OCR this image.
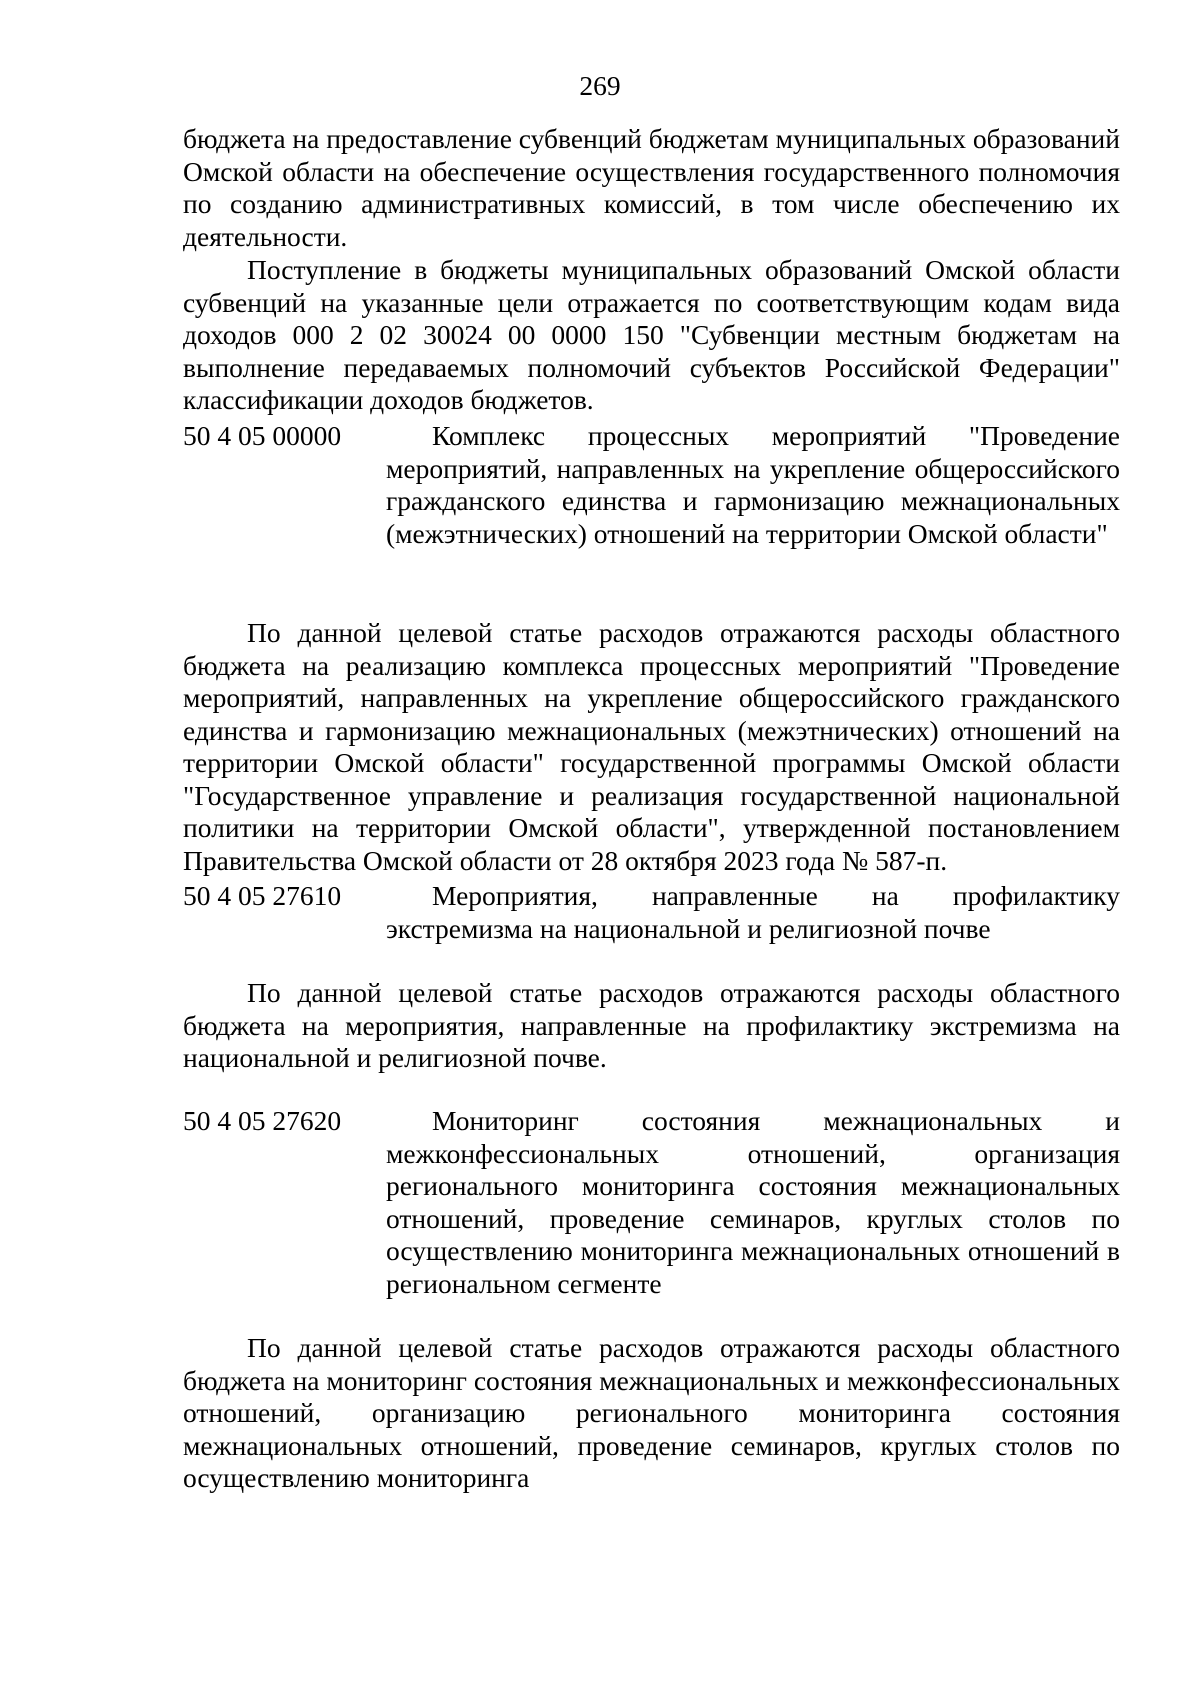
269

бюджета на предоставление субвенций бюджетам муниципальных образований Омской области на обеспечение осуществления государственного полномочия по созданию административных комиссий, в том числе обеспечению их деятельности.

Поступление в бюджеты муниципальных образований Омской области субвенций на указанные цели отражается по соответствующим кодам вида доходов 000 2 02 30024 00 0000 150 "Субвенции местным бюджетам на выполнение передаваемых полномочий субъектов Российской Федерации" классификации доходов бюджетов.

50 4 05 00000	Комплекс процессных мероприятий "Проведение мероприятий, направленных на укрепление общероссийского гражданского единства и гармонизацию межнациональных (межэтнических) отношений на территории Омской области"

По данной целевой статье расходов отражаются расходы областного бюджета на реализацию комплекса процессных мероприятий "Проведение мероприятий, направленных на укрепление общероссийского гражданского единства и гармонизацию межнациональных (межэтнических) отношений на территории Омской области" государственной программы Омской области "Государственное управление и реализация государственной национальной политики на территории Омской области", утвержденной постановлением Правительства Омской области от 28 октября 2023 года № 587-п.

50 4 05 27610	Мероприятия, направленные на профилактику экстремизма на национальной и религиозной почве

По данной целевой статье расходов отражаются расходы областного бюджета на мероприятия, направленные на профилактику экстремизма на национальной и религиозной почве.

50 4 05 27620	Мониторинг состояния межнациональных и межконфессиональных отношений, организация регионального мониторинга состояния межнациональных отношений, проведение семинаров, круглых столов по осуществлению мониторинга межнациональных отношений в региональном сегменте

По данной целевой статье расходов отражаются расходы областного бюджета на мониторинг состояния межнациональных и межконфессиональных отношений, организацию регионального мониторинга состояния межнациональных отношений, проведение семинаров, круглых столов по осуществлению мониторинга
